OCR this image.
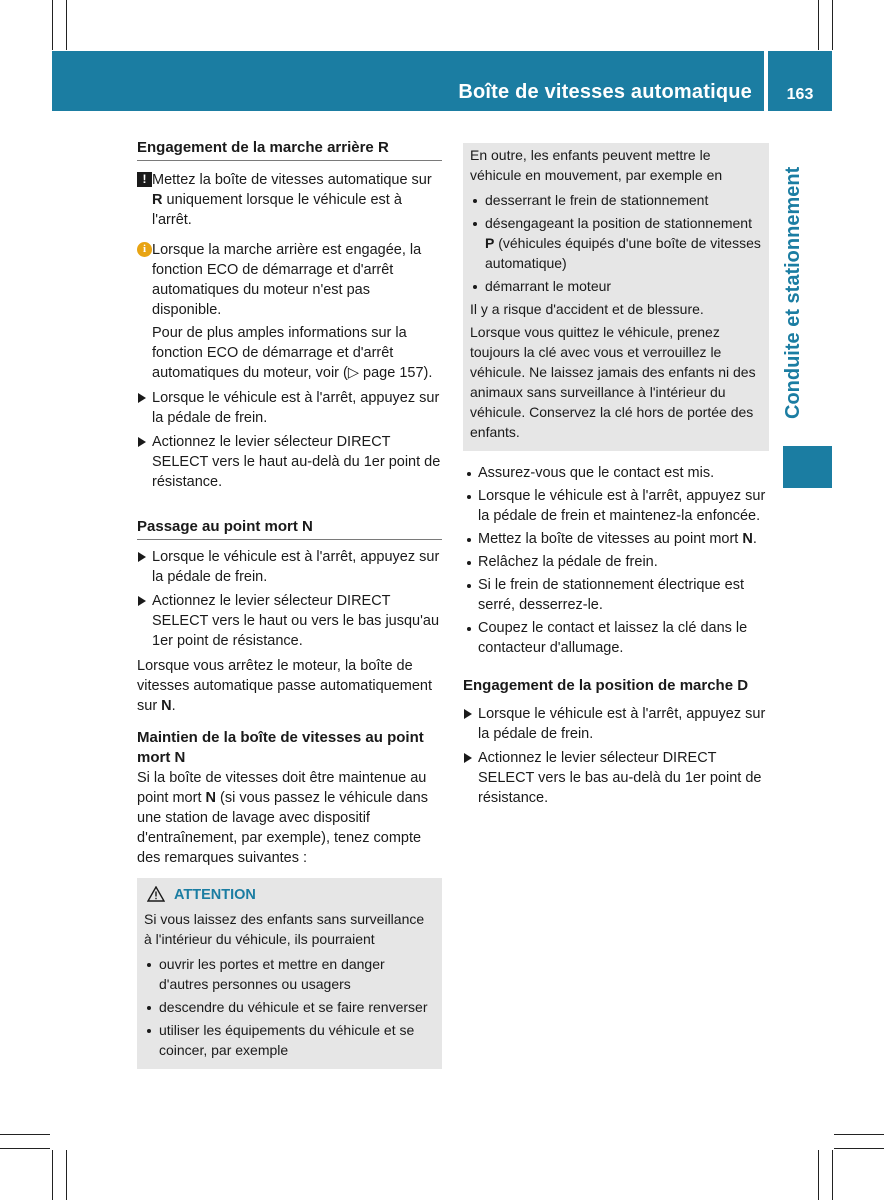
Boîte de vitesses automatique	163
Conduite et stationnement
Engagement de la marche arrière R
! Mettez la boîte de vitesses automatique sur R uniquement lorsque le véhicule est à l'arrêt.

i Lorsque la marche arrière est engagée, la fonction ECO de démarrage et d'arrêt automatiques du moteur n'est pas disponible.

Pour de plus amples informations sur la fonction ECO de démarrage et d'arrêt automatiques du moteur, voir (▷ page 157).

Lorsque le véhicule est à l'arrêt, appuyez sur la pédale de frein.

Actionnez le levier sélecteur DIRECT SELECT vers le haut au-delà du 1er point de résistance.

Passage au point mort N

Lorsque le véhicule est à l'arrêt, appuyez sur la pédale de frein.

Actionnez le levier sélecteur DIRECT SELECT vers le haut ou vers le bas jusqu'au 1er point de résistance.

Lorsque vous arrêtez le moteur, la boîte de vitesses automatique passe automatiquement sur N.

Maintien de la boîte de vitesses au point mort N

Si la boîte de vitesses doit être maintenue au point mort N (si vous passez le véhicule dans une station de lavage avec dispositif d'entraînement, par exemple), tenez compte des remarques suivantes :

ATTENTION

Si vous laissez des enfants sans surveillance à l'intérieur du véhicule, ils pourraient

ouvrir les portes et mettre en danger d'autres personnes ou usagers
descendre du véhicule et se faire renverser
utiliser les équipements du véhicule et se coincer, par exemple

En outre, les enfants peuvent mettre le véhicule en mouvement, par exemple en

desserrant le frein de stationnement
désengageant la position de stationnement P (véhicules équipés d'une boîte de vitesses automatique)
démarrant le moteur

Il y a risque d'accident et de blessure.

Lorsque vous quittez le véhicule, prenez toujours la clé avec vous et verrouillez le véhicule. Ne laissez jamais des enfants ni des animaux sans surveillance à l'intérieur du véhicule. Conservez la clé hors de portée des enfants.

Assurez-vous que le contact est mis.
Lorsque le véhicule est à l'arrêt, appuyez sur la pédale de frein et maintenez-la enfoncée.
Mettez la boîte de vitesses au point mort N.
Relâchez la pédale de frein.
Si le frein de stationnement électrique est serré, desserrez-le.
Coupez le contact et laissez la clé dans le contacteur d'allumage.
Engagement de la position de marche D

Lorsque le véhicule est à l'arrêt, appuyez sur la pédale de frein.

Actionnez le levier sélecteur DIRECT SELECT vers le bas au-delà du 1er point de résistance.
